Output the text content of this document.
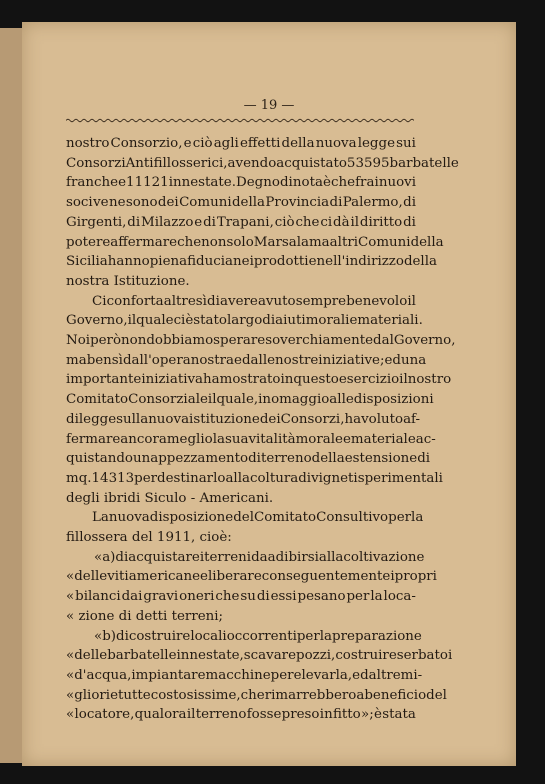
— 19 —
nostro Consorzio, e ciò agli effetti della nuova legge sui
Consorzi Antifillosserici, avendo acquistato 53595 barbatelle
franche e 11121 innestate. Degno di nota è che fra i nuovi
soci ve ne sono dei Comuni della Provincia di Palermo, di
Girgenti, di Milazzo e di Trapani, ciò che ci dà il diritto di
potere affermare che non solo Marsala ma altri Comuni della
Sicilia hanno piena fiducia nei prodotti e nell'indirizzo della
nostra Istituzione.
Ci conforta altresì di avere avuto sempre benevolo il
Governo, il quale ci è stato largo di aiuti morali e materiali.
Noi però non dobbiamo sperare soverchiamente dal Governo,
ma bensì dall'opera nostra e dalle nostre iniziative; ed una
importante iniziativa ha mostrato in questo esercizio il nostro
Comitato Consorziale il quale, in omaggio alle disposizioni
di legge sulla nuova istituzione dei Consorzi, ha voluto af-
fermare ancora meglio la sua vitalità morale e materiale ac-
quistando un appezzamento di terreno della estensione di
mq. 14313 per destinarlo alla coltura di vigneti sperimentali
degli ibridi Siculo - Americani.
La nuova disposizione del Comitato Consultivo per la
fillossera del 1911, cioè:
« a) di acquistare i terreni da adibirsi alla coltivazione
« delle viti americane e liberare conseguentemente i propri
« bilanci dai gravi oneri che su di essi pesano per la loca-
« zione di detti terreni;
« b) di costruire locali occorrenti per la preparazione
« delle barbatelle innestate, scavare pozzi, costruire serbatoi
« d'acqua, impiantare macchine per elevarla, ed altre mi-
« gliorie tutte costosissime, che rimarrebbero a beneficio del
« locatore, qualora il terreno fosse preso in fitto »; è stata
